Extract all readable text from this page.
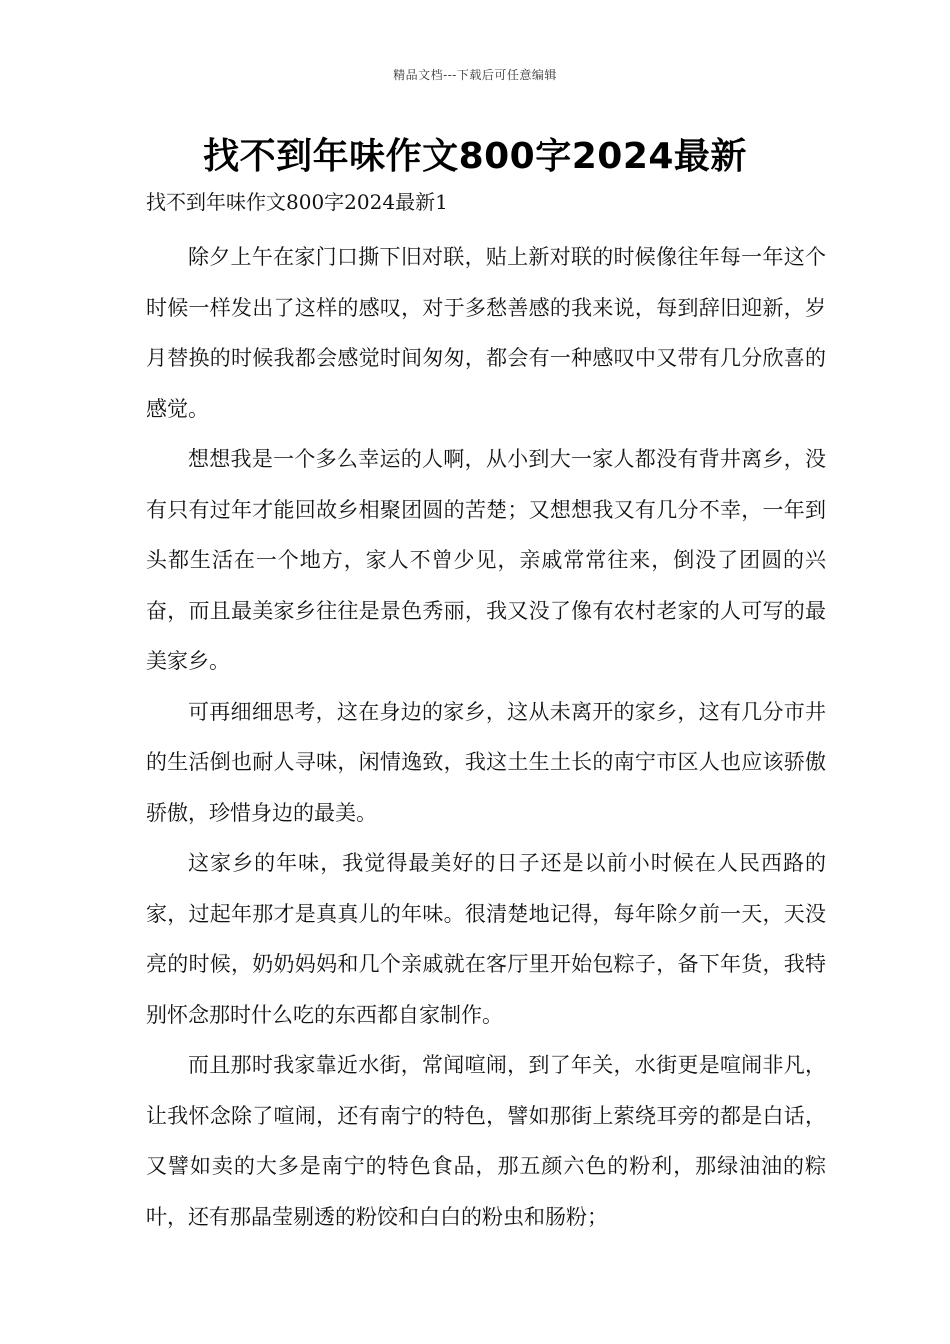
精品文档---下载后可任意编辑
找不到年味作文800字2024最新
找不到年味作文800字2024最新1

除夕上午在家门口撕下旧对联，贴上新对联的时候像往年每一年这个时候一样发出了这样的感叹，对于多愁善感的我来说，每到辞旧迎新，岁月替换的时候我都会感觉时间匆匆，都会有一种感叹中又带有几分欣喜的感觉。

想想我是一个多么幸运的人啊，从小到大一家人都没有背井离乡，没有只有过年才能回故乡相聚团圆的苦楚；又想想我又有几分不幸，一年到头都生活在一个地方，家人不曾少见，亲戚常常往来，倒没了团圆的兴奋，而且最美家乡往往是景色秀丽，我又没了像有农村老家的人可写的最美家乡。

可再细细思考，这在身边的家乡，这从未离开的家乡，这有几分市井的生活倒也耐人寻味，闲情逸致，我这土生土长的南宁市区人也应该骄傲骄傲，珍惜身边的最美。

这家乡的年味，我觉得最美好的日子还是以前小时候在人民西路的家，过起年那才是真真儿的年味。很清楚地记得，每年除夕前一天，天没亮的时候，奶奶妈妈和几个亲戚就在客厅里开始包粽子，备下年货，我特别怀念那时什么吃的东西都自家制作。

而且那时我家靠近水街，常闻喧闹，到了年关，水街更是喧闹非凡，让我怀念除了喧闹，还有南宁的特色，譬如那街上萦绕耳旁的都是白话，又譬如卖的大多是南宁的特色食品，那五颜六色的粉利，那绿油油的粽叶，还有那晶莹剔透的粉饺和白白的粉虫和肠粉；
